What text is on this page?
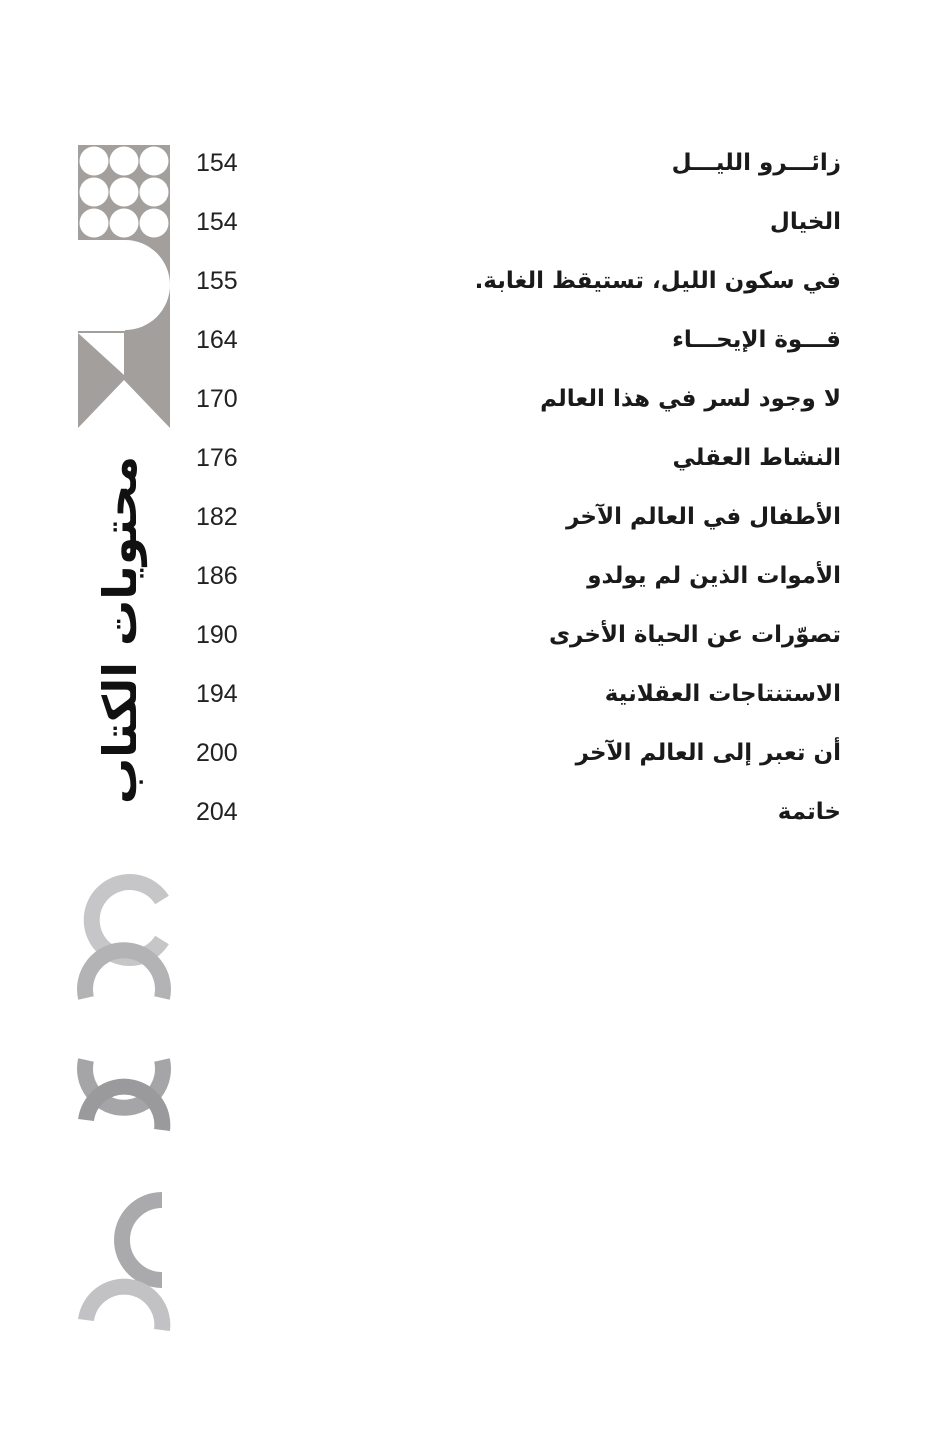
محتويات الكتاب
154	زائـــرو الليـــل
154	الخيال
155	في سكون الليل، تستيقظ الغابة.
164	قـــوة الإيحـــاء
170	لا وجود لسر في هذا العالم
176	النشاط العقلي
182	الأطفال في العالم الآخر
186	الأموات الذين لم يولدو
190	تصوّرات عن الحياة الأخرى
194	الاستنتاجات العقلانية
200	أن تعبر إلى العالم الآخر
204	خاتمة
